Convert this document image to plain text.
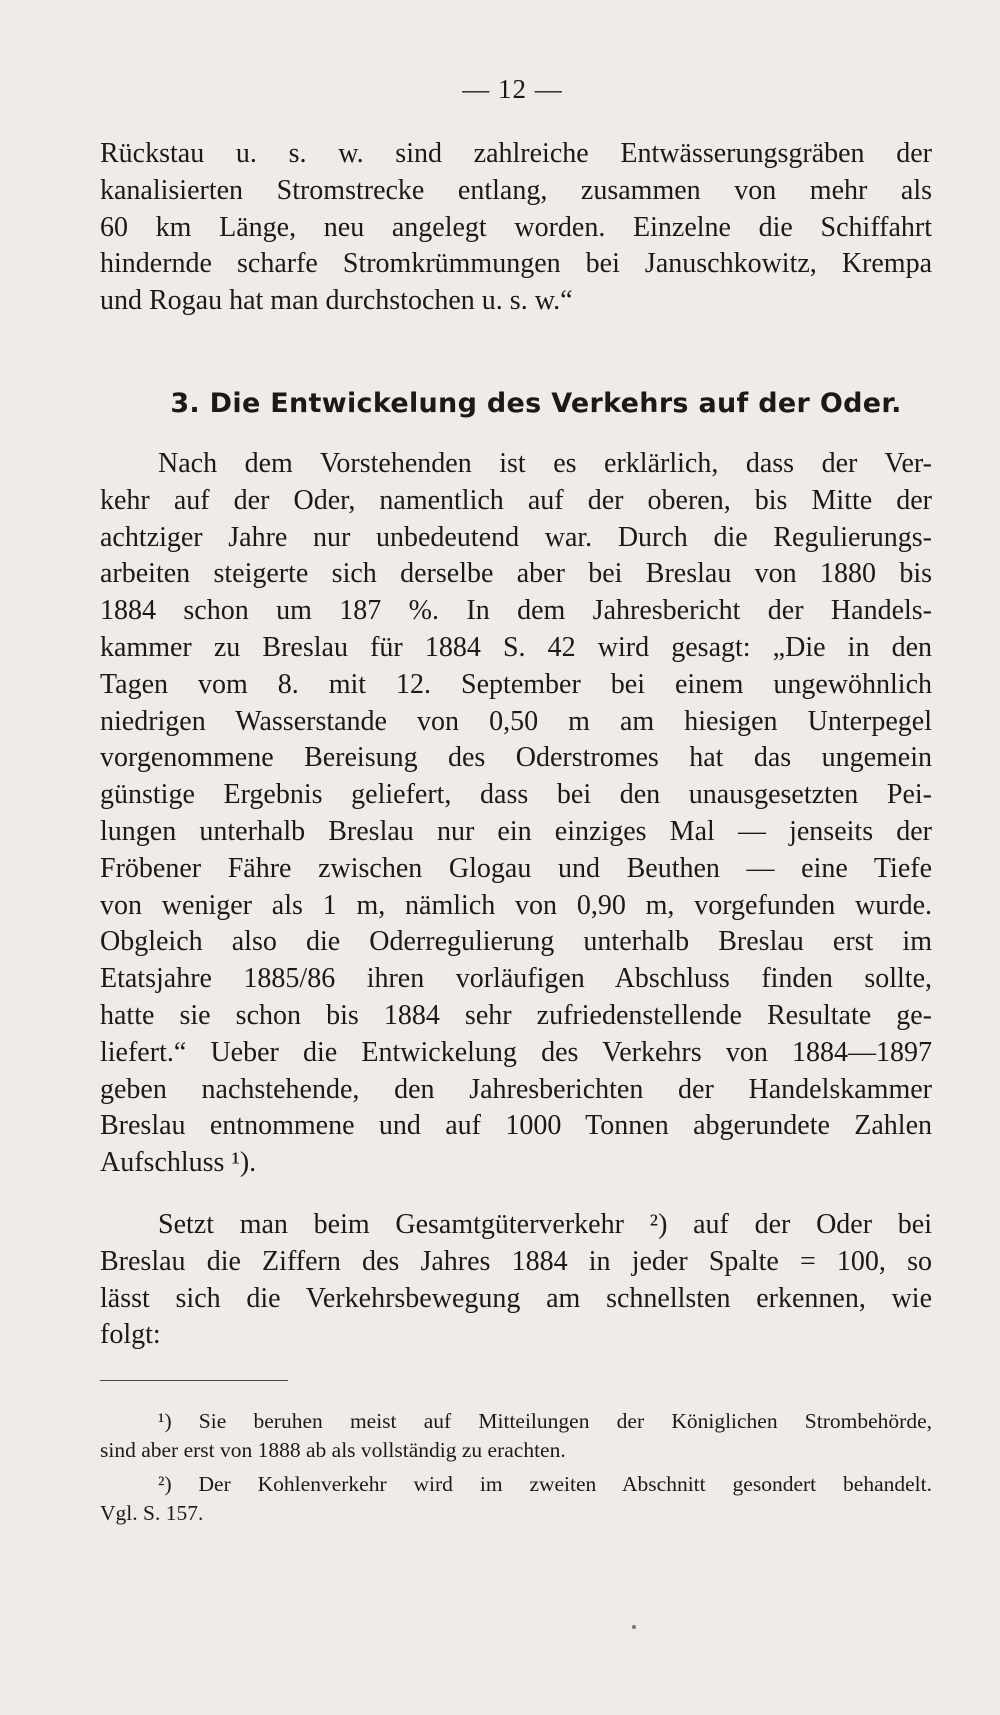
— 12 —
Rückstau u. s. w. sind zahlreiche Entwässerungsgräben der
kanalisierten Stromstrecke entlang, zusammen von mehr als
60 km Länge, neu angelegt worden. Einzelne die Schiffahrt
hindernde scharfe Stromkrümmungen bei Januschkowitz, Krempa
und Rogau hat man durchstochen u. s. w.“
3. Die Entwickelung des Verkehrs auf der Oder.
Nach dem Vorstehenden ist es erklärlich, dass der Ver-
kehr auf der Oder, namentlich auf der oberen, bis Mitte der
achtziger Jahre nur unbedeutend war. Durch die Regulierungs-
arbeiten steigerte sich derselbe aber bei Breslau von 1880 bis
1884 schon um 187 %. In dem Jahresbericht der Handels-
kammer zu Breslau für 1884 S. 42 wird gesagt: „Die in den
Tagen vom 8. mit 12. September bei einem ungewöhnlich
niedrigen Wasserstande von 0,50 m am hiesigen Unterpegel
vorgenommene Bereisung des Oderstromes hat das ungemein
günstige Ergebnis geliefert, dass bei den unausgesetzten Pei-
lungen unterhalb Breslau nur ein einziges Mal — jenseits der
Fröbener Fähre zwischen Glogau und Beuthen — eine Tiefe
von weniger als 1 m, nämlich von 0,90 m, vorgefunden wurde.
Obgleich also die Oderregulierung unterhalb Breslau erst im
Etatsjahre 1885/86 ihren vorläufigen Abschluss finden sollte,
hatte sie schon bis 1884 sehr zufriedenstellende Resultate ge-
liefert.“ Ueber die Entwickelung des Verkehrs von 1884—1897
geben nachstehende, den Jahresberichten der Handelskammer
Breslau entnommene und auf 1000 Tonnen abgerundete Zahlen
Aufschluss ¹).
Setzt man beim Gesamtgüterverkehr ²) auf der Oder bei
Breslau die Ziffern des Jahres 1884 in jeder Spalte = 100, so
lässt sich die Verkehrsbewegung am schnellsten erkennen, wie
folgt:
¹) Sie beruhen meist auf Mitteilungen der Königlichen Strombehörde,
sind aber erst von 1888 ab als vollständig zu erachten.
²) Der Kohlenverkehr wird im zweiten Abschnitt gesondert behandelt.
Vgl. S. 157.
